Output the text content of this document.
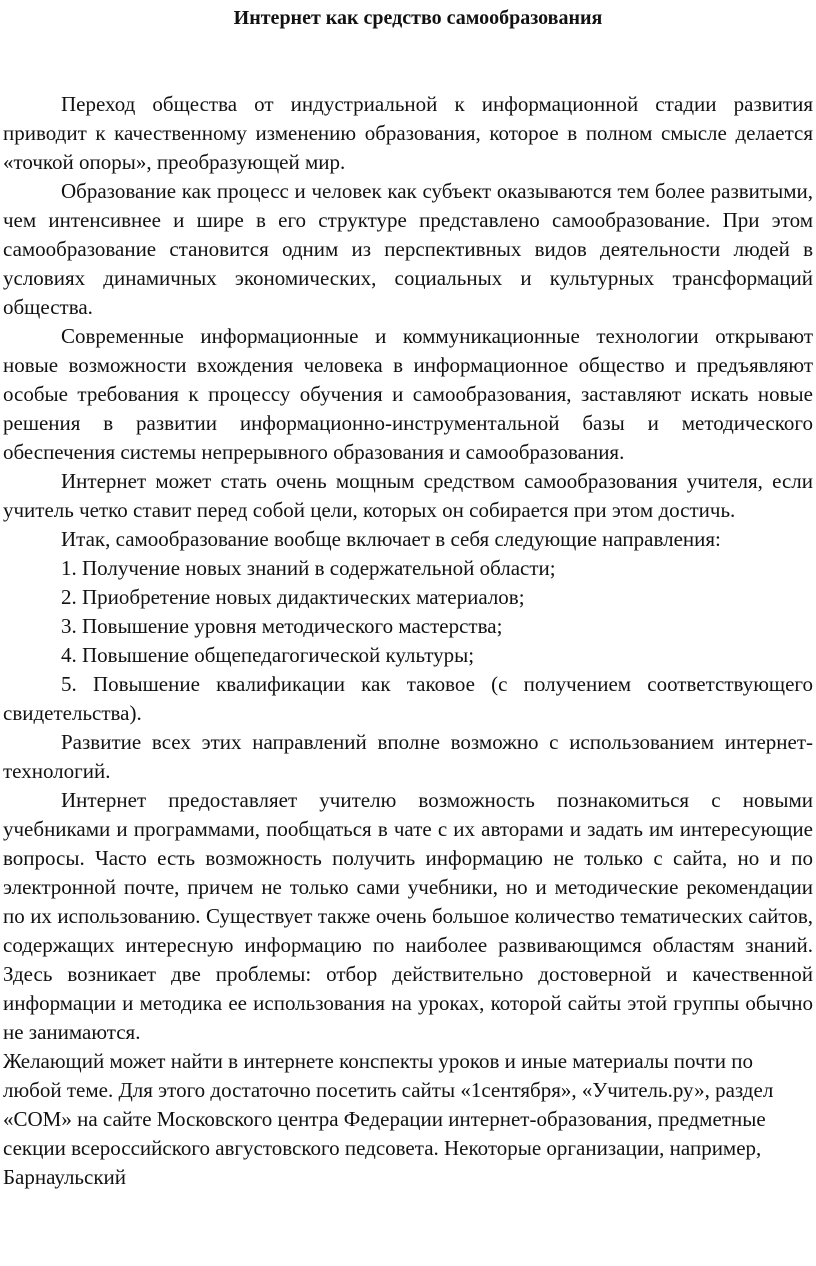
Интернет как средство самообразования

Переход общества от индустриальной к информационной стадии развития приводит к качественному изменению образования, которое в полном смысле делается «точкой опоры», преобразующей мир.

Образование как процесс и человек как субъект оказываются тем более развитыми, чем интенсивнее и шире в его структуре представлено самообразование. При этом самообразование становится одним из перспективных видов деятельности людей в условиях динамичных экономических, социальных и культурных трансформаций общества.

Современные информационные и коммуникационные технологии открывают новые возможности вхождения человека в информационное общество и предъявляют особые требования к процессу обучения и самообразования, заставляют искать новые решения в развитии информационно-инструментальной базы и методического обеспечения системы непрерывного образования и самообразования.

Интернет может стать очень мощным средством самообразования учителя, если учитель четко ставит перед собой цели, которых он собирается при этом достичь.

Итак, самообразование вообще включает в себя следующие направления:

1. Получение новых знаний в содержательной области;

2. Приобретение новых дидактических материалов;

3. Повышение уровня методического мастерства;

4. Повышение общепедагогической культуры;

5. Повышение квалификации как таковое (с получением соответствующего свидетельства).

Развитие всех этих направлений вполне возможно с использованием интернет-технологий.

Интернет предоставляет учителю возможность познакомиться с новыми учебниками и программами, пообщаться в чате с их авторами и задать им интересующие вопросы. Часто есть возможность получить информацию не только с сайта, но и по электронной почте, причем не только сами учебники, но и методические рекомендации по их использованию. Существует также очень большое количество тематических сайтов, содержащих интересную информацию по наиболее развивающимся областям знаний. Здесь возникает две проблемы: отбор действительно достоверной и качественной информации и методика ее использования на уроках, которой сайты этой группы обычно не занимаются.

Желающий может найти в интернете конспекты уроков и иные материалы почти по любой теме. Для этого достаточно посетить сайты «1сентября», «Учитель.ру», раздел «СОМ» на сайте Московского центра Федерации интернет-образования, предметные секции всероссийского августовского педсовета. Некоторые организации, например, Барнаульский
